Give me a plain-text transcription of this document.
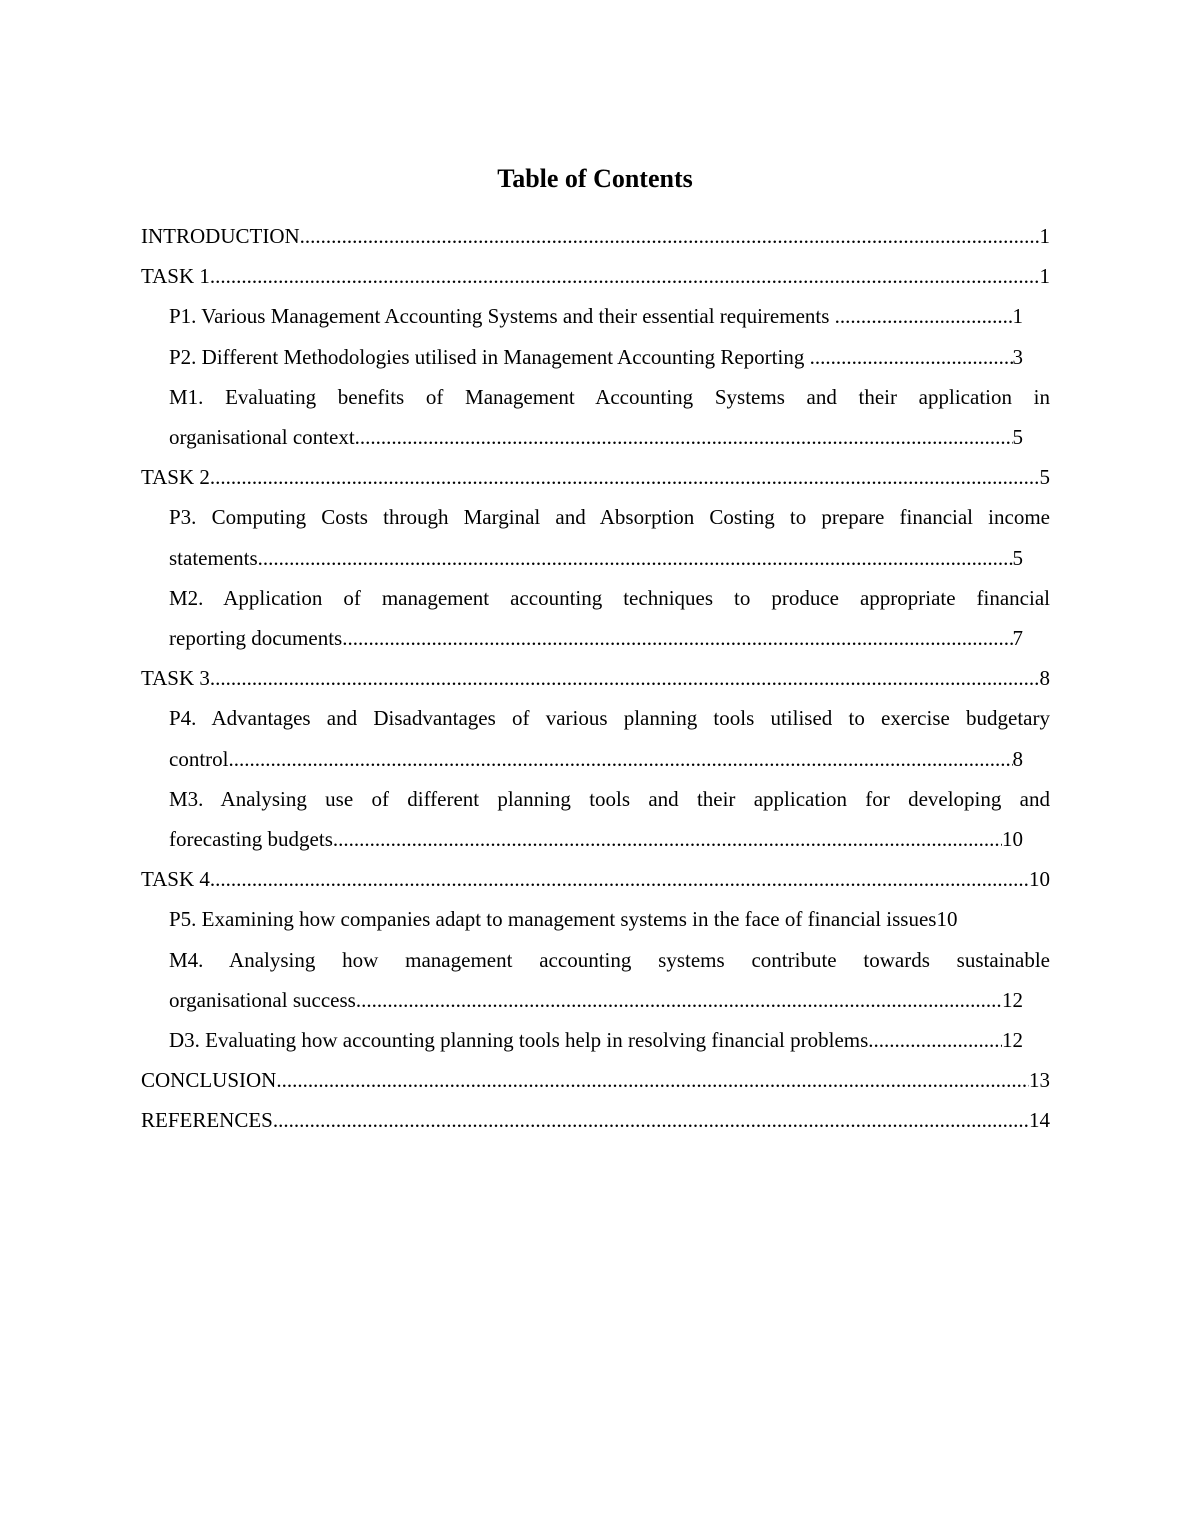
Table of Contents
INTRODUCTION .....	1
TASK 1 .....	1
P1. Various Management Accounting Systems and their essential requirements .....	1
P2. Different Methodologies utilised in Management Accounting Reporting .....	3
M1. Evaluating benefits of Management Accounting Systems and their application in
organisational context .....	5
TASK 2 .....	5
P3. Computing Costs through Marginal and Absorption Costing to prepare financial income
statements .....	5
M2. Application of management accounting techniques to produce appropriate financial
reporting documents .....	7
TASK 3 .....	8
P4. Advantages and Disadvantages of various planning tools utilised to exercise budgetary
control .....	8
M3. Analysing use of different planning tools and their application for developing and
forecasting budgets .....	10
TASK 4 .....	10
P5. Examining how companies adapt to management systems in the face of financial issues 10
M4. Analysing how management accounting systems contribute towards sustainable
organisational success .....	12
D3. Evaluating how accounting planning tools help in resolving financial problems .....	12
CONCLUSION .....	13
REFERENCES .....	14
